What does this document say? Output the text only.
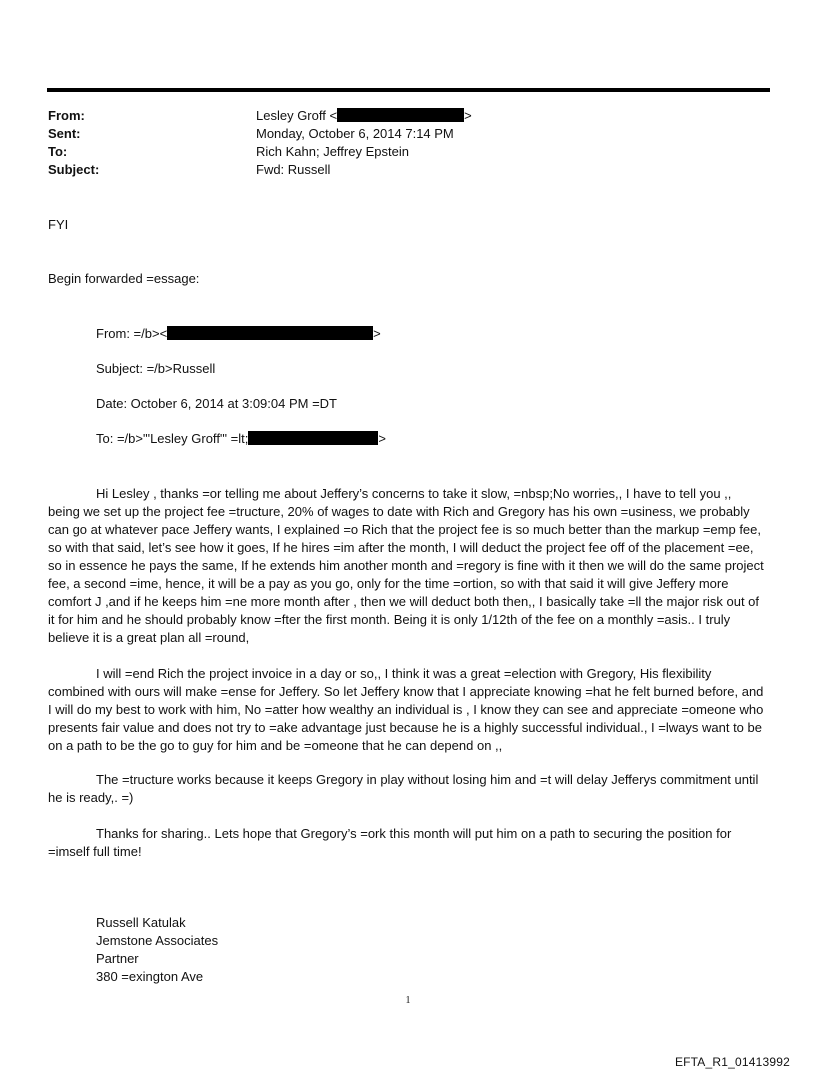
From:	Lesley Groff <	>
Sent:	Monday, October 6, 2014 7:14 PM
To:	Rich Kahn; Jeffrey Epstein
Subject:	Fwd: Russell
FYI
Begin forwarded =essage:
From: =/b><	>
Subject: =/b>Russell
Date: October 6, 2014 at 3:09:04 PM =DT
To: =/b>"'Lesley Groff'" =lt;	>

Hi Lesley , thanks =or telling me about Jeffery’s concerns to take it slow, =nbsp;No worries,, I have to tell you ,, being we set up the project fee =tructure, 20% of wages to date with Rich and Gregory has his own =usiness, we probably can go at whatever pace Jeffery wants, I explained =o Rich that the project fee is so much better than the markup =emp fee, so with that said, let’s see how it goes, If he hires =im after the month, I will deduct the project fee off of the placement =ee, so in essence he pays the same, If he extends him another month and =regory is fine with it then we will do the same project fee, a second =ime, hence, it will be a pay as you go, only for the time =ortion, so with that said it will give Jeffery more comfort J ,and if he keeps him =ne more month after , then we will deduct both then,, I basically take =ll the major risk out of it for him and he should probably know =fter the first month. Being it is only 1/12th of the fee on a monthly =asis.. I truly believe it is a great plan all =round,

I will =end Rich the project invoice in a day or so,, I think it was a great =election with Gregory, His flexibility combined with ours will make =ense for Jeffery. So let Jeffery know that I appreciate knowing =hat he felt burned before, and I will do my best to work with him, No =atter how wealthy an individual is , I know they can see and appreciate =omeone who presents fair value and does not try to =ake advantage just because he is a highly successful individual., I =lways want to be on a path to be the go to guy for him and be =omeone that he can depend on ,,

The =tructure works because it keeps Gregory in play without losing him and =t will delay Jefferys commitment until he is ready,. =)

Thanks for sharing.. Lets hope that Gregory’s =ork this month will put him on a path to securing the position for =imself full time!

Russell Katulak
Jemstone Associates
Partner
380 =exington Ave
1
EFTA_R1_01413992
